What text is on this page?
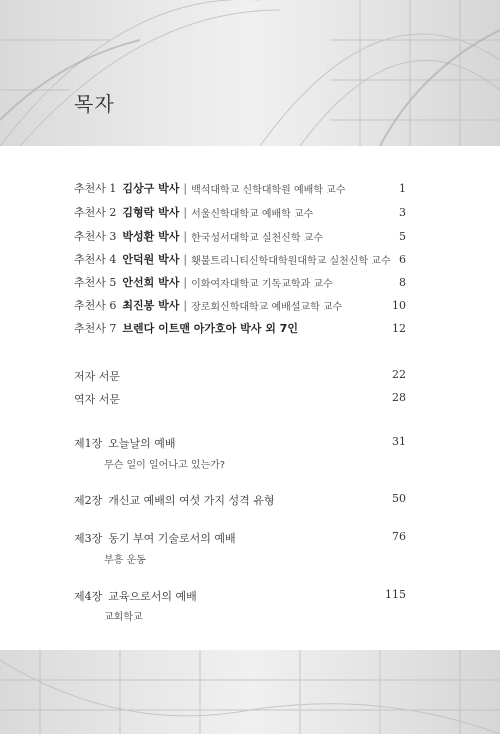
목자
추천사 1 김상구 박사 | 백석대학교 신학대학원 예배학 교수	1
추천사 2 김형락 박사 | 서울신학대학교 예배학 교수	3
추천사 3 박성환 박사 | 한국성서대학교 실천신학 교수	5
추천사 4 안덕원 박사 | 횃불트리니티신학대학원대학교 실천신학 교수 6
추천사 5 안선희 박사 | 이화여자대학교 기독교학과 교수	8
추천사 6 최진봉 박사 | 장로회신학대학교 예배설교학 교수	10
추천사 7 브렌다 이트맨 아가호아 박사 외 7인	12
저자 서문	22
역자 서문	28
제1장 오늘날의 예배	31
무슨 일이 일어나고 있는가?
제2장 개신교 예배의 여섯 가지 성격 유형	50
제3장 동기 부여 기술로서의 예배	76
부흥 운동
제4장 교육으로서의 예배	115
교회학교
